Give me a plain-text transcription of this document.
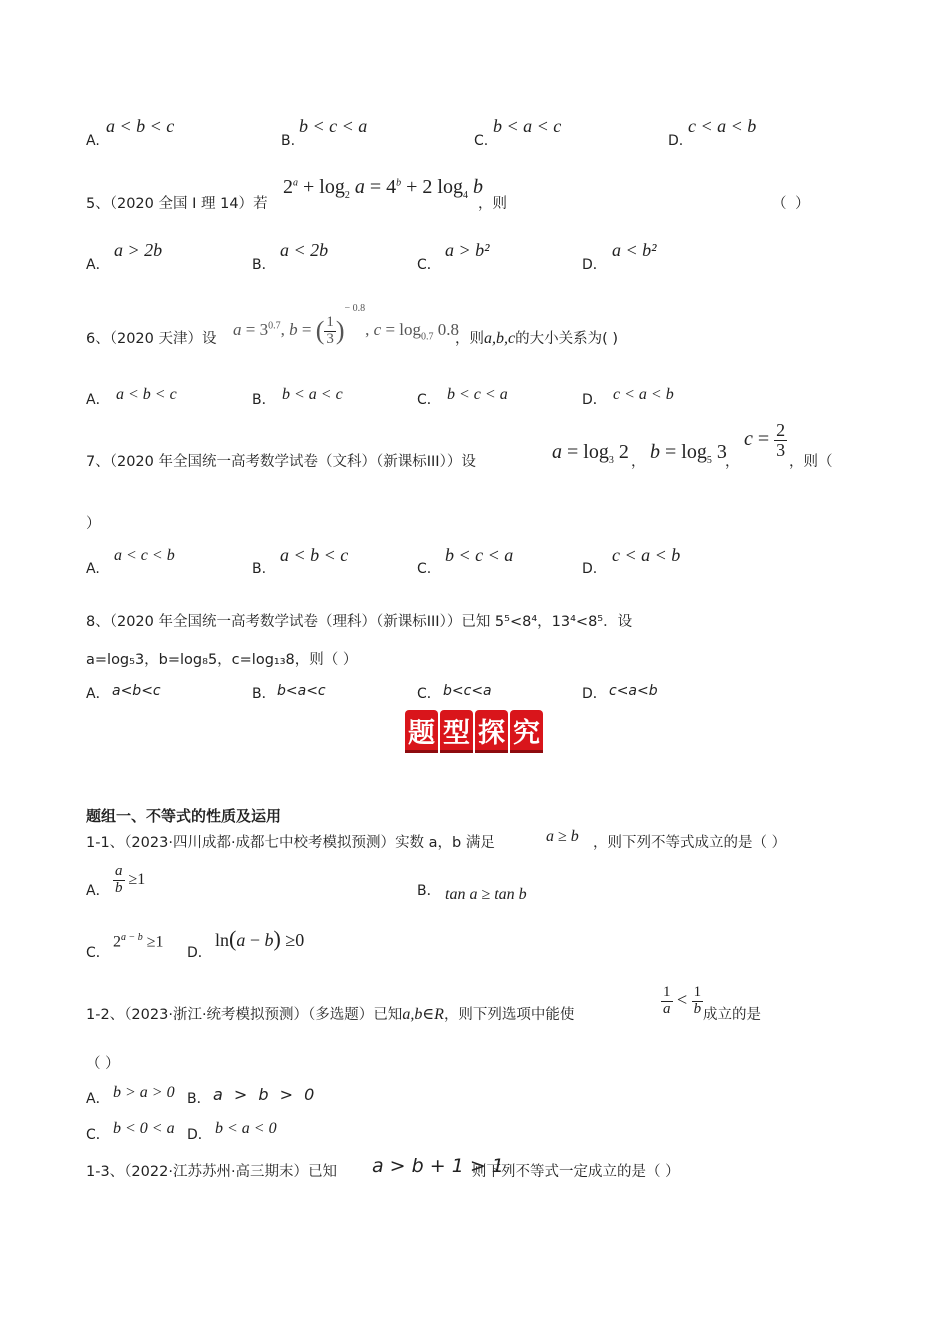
A.
a < b < c
B.
b < c < a
C.
b < a < c
D.
c < a < b
5、（2020 全国 I 理 14）若
$2^a + \log_2 a = 4^b + 2$ $\log_4 b$
，则	（ ）
A．
a > 2b
B．
a < 2b
C．
a > b²
D．
a < b²
6、（2020 天津）设 $a = 3^{0.7}$, b = ( $\frac{1}{3} )^{- 0.8}$, $c = \log_{0.7} 0.8$
，则a,b,c的大小关系为( )
A． a < b < c	B． b < a < c	C． b < c < a	D． c < a < b
7、（2020 年全国统一高考数学试卷（文科）（新课标III））设	$a = \log_3 2$ ， $b = \log_5 3$
，
$c = \frac{2}{3}$
，则（
）
A.
a < c < b
B.
a < b < c
C.
b < c < a
D.
c < a < b
8、（2020 年全国统一高考数学试卷（理科）（新课标III））已知 5⁵<8⁴，13⁴<8⁵．设
a=log₅3，b=log₈5，c=log₁₃8，则（ ）
A． a<b<c	B． b<a<c	C． b<c<a	D． c<a<b
题 型 探 究
题组一、不等式的性质及运用
1-1、（2023·四川成都·成都七中校考模拟预测）实数 a，b 满足	a ≥ b ，则下列不等式成立的是（ ）
A． $\frac{a}{b} \ge 1$
B． tan a ≥ tan b
C．
$2^{a - b} \ge 1$
D．
ln(a − b) ≥0
1-2、（2023·浙江·统考模拟预测）（多选题）已知a,b∈R，则下列选项中能使	$\frac{1}{a} < \frac{1}{b}$ 成立的是
（ ）
A． b > a > 0 B． a > b > 0
C． b < 0 < a D． b < a < 0
1-3、（2022·江苏苏州·高三期末）已知 a > b + 1 > 1
则下列不等式一定成立的是（ ）
